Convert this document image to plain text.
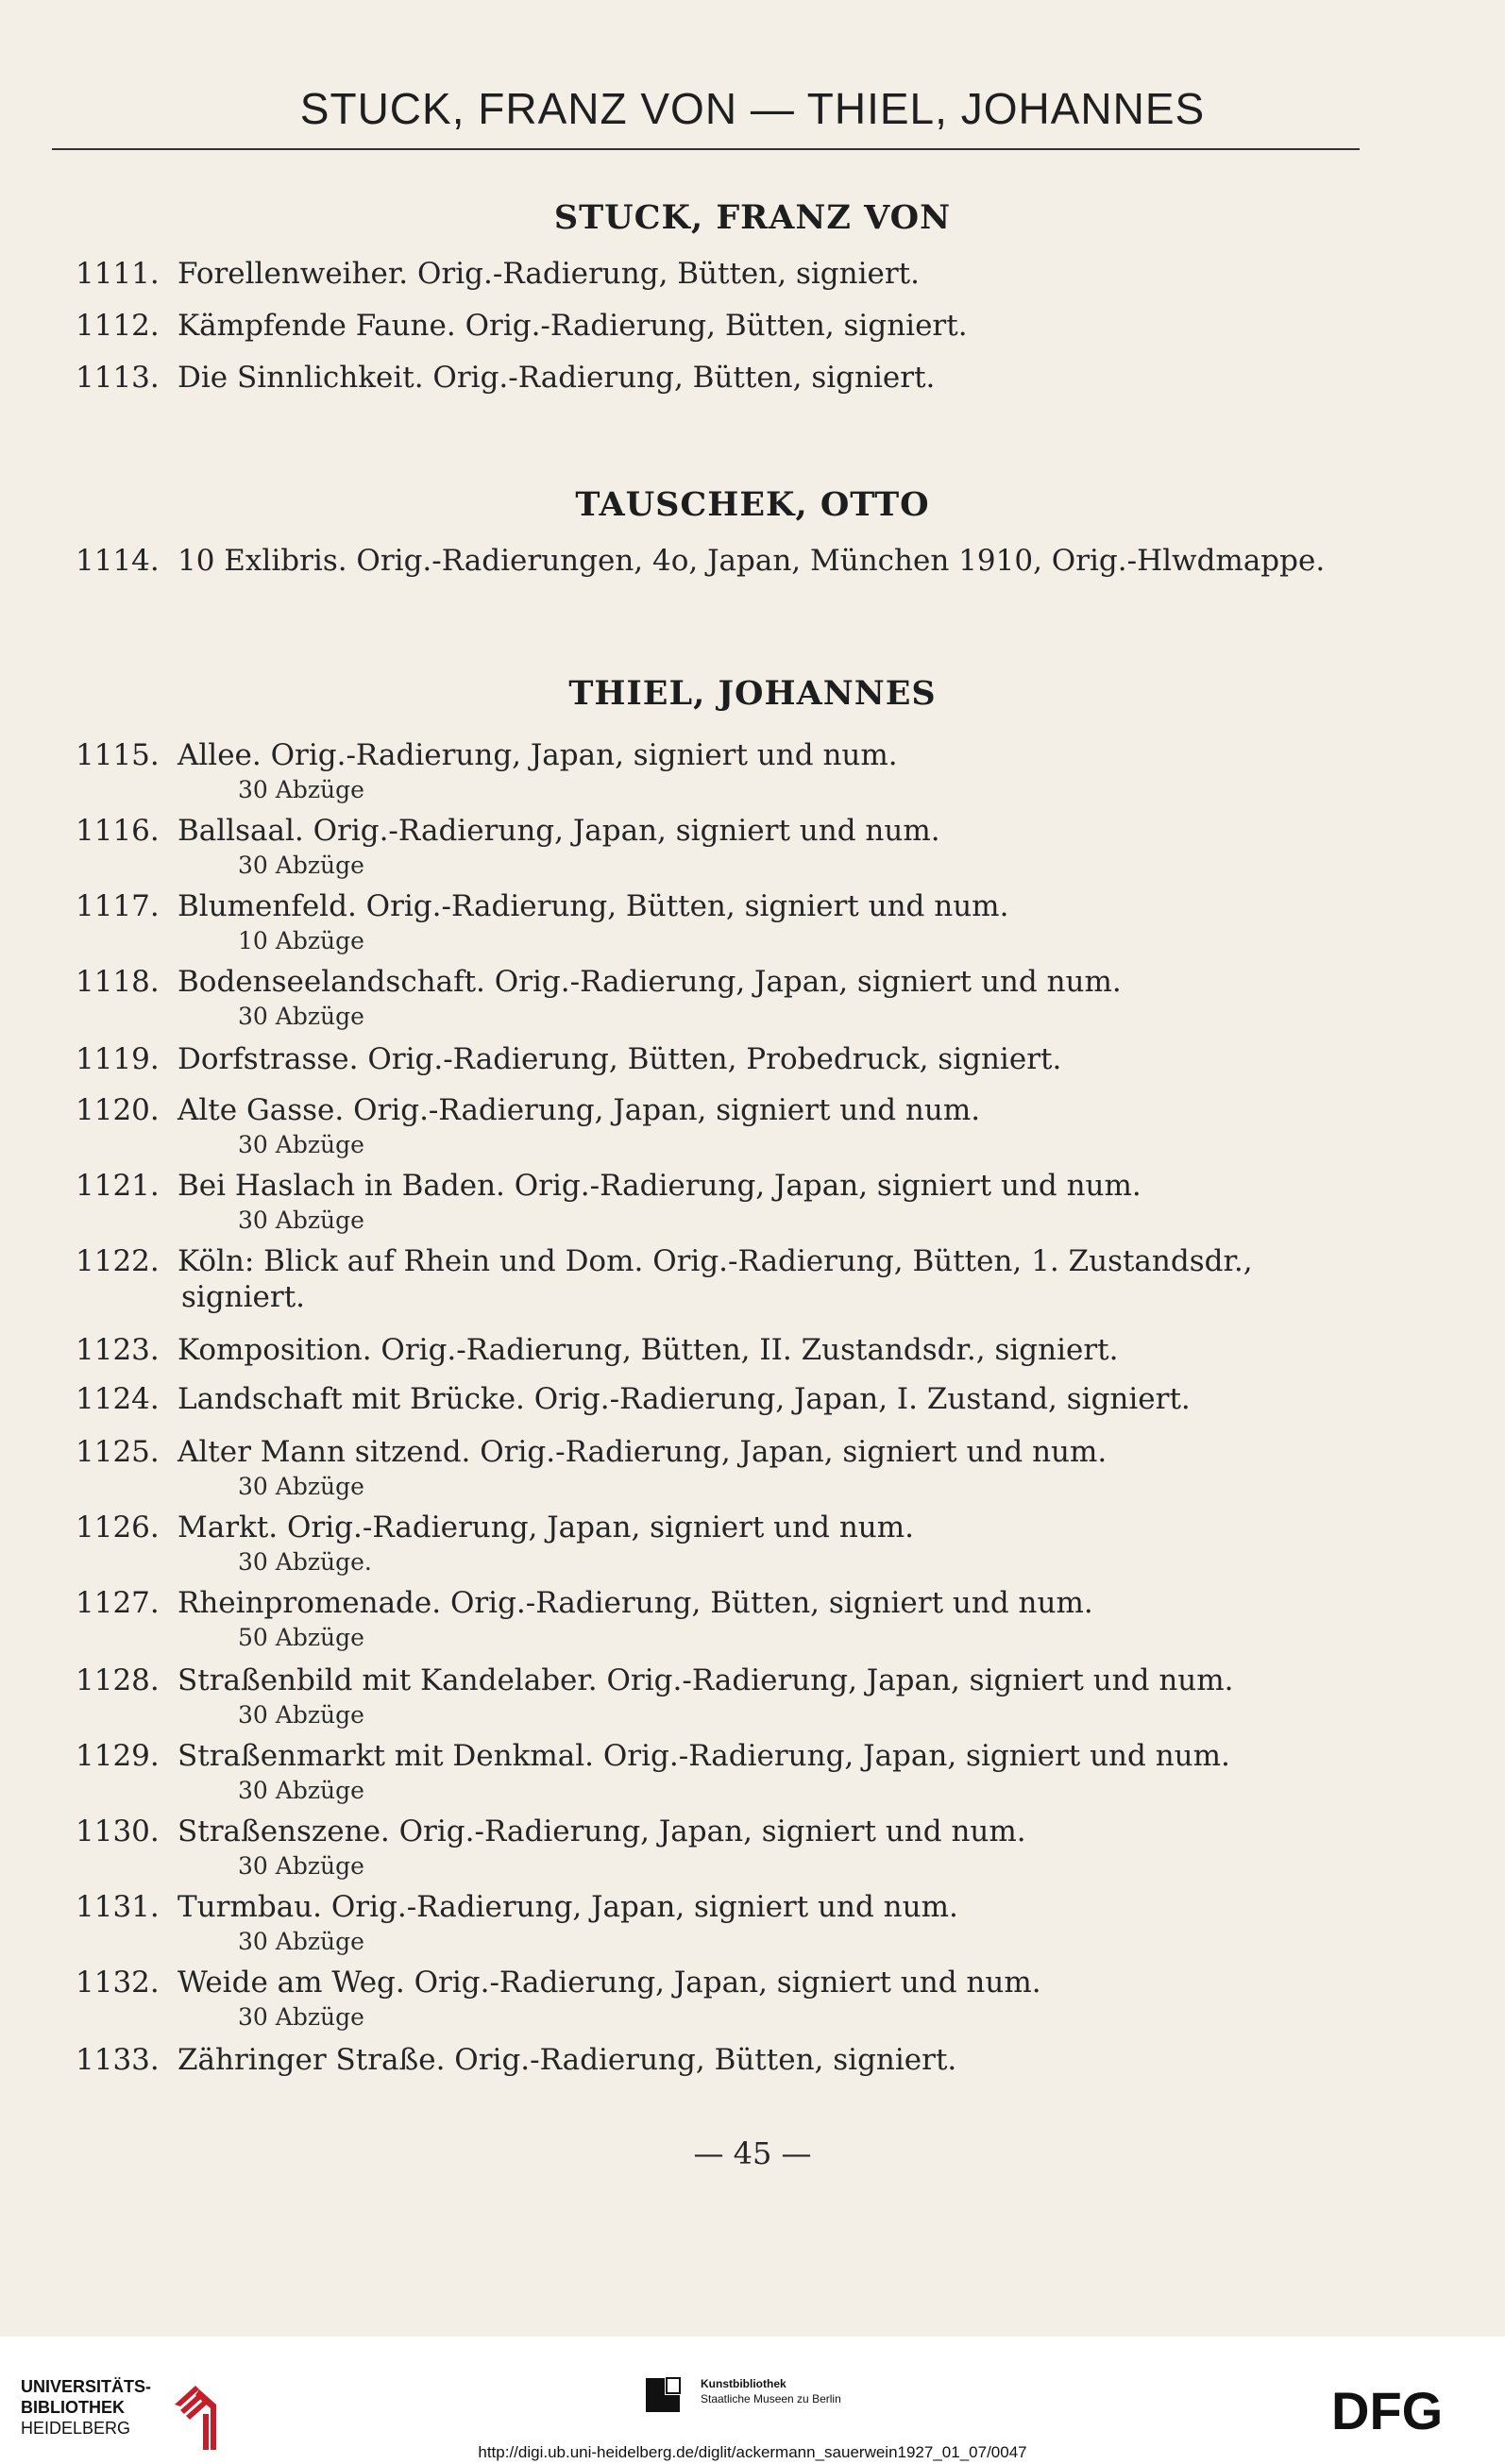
STUCK, FRANZ VON — THIEL, JOHANNES
STUCK, FRANZ VON
1111. Forellenweiher. Orig.-Radierung, Bütten, signiert.
1112. Kämpfende Faune. Orig.-Radierung, Bütten, signiert.
1113. Die Sinnlichkeit. Orig.-Radierung, Bütten, signiert.
TAUSCHEK, OTTO
1114. 10 Exlibris. Orig.-Radierungen, 4o, Japan, München 1910, Orig.-Hlwdmappe.
THIEL, JOHANNES
1115. Allee. Orig.-Radierung, Japan, signiert und num.
30 Abzüge
1116. Ballsaal. Orig.-Radierung, Japan, signiert und num.
30 Abzüge
1117. Blumenfeld. Orig.-Radierung, Bütten, signiert und num.
10 Abzüge
1118. Bodenseelandschaft. Orig.-Radierung, Japan, signiert und num.
30 Abzüge
1119. Dorfstrasse. Orig.-Radierung, Bütten, Probedruck, signiert.
1120. Alte Gasse. Orig.-Radierung, Japan, signiert und num.
30 Abzüge
1121. Bei Haslach in Baden. Orig.-Radierung, Japan, signiert und num.
30 Abzüge
1122. Köln: Blick auf Rhein und Dom. Orig.-Radierung, Bütten, 1. Zustandsdr.,
signiert.
1123. Komposition. Orig.-Radierung, Bütten, II. Zustandsdr., signiert.
1124. Landschaft mit Brücke. Orig.-Radierung, Japan, I. Zustand, signiert.
1125. Alter Mann sitzend. Orig.-Radierung, Japan, signiert und num.
30 Abzüge
1126. Markt. Orig.-Radierung, Japan, signiert und num.
30 Abzüge.
1127. Rheinpromenade. Orig.-Radierung, Bütten, signiert und num.
50 Abzüge
1128. Straßenbild mit Kandelaber. Orig.-Radierung, Japan, signiert und num.
30 Abzüge
1129. Straßenmarkt mit Denkmal. Orig.-Radierung, Japan, signiert und num.
30 Abzüge
1130. Straßenszene. Orig.-Radierung, Japan, signiert und num.
30 Abzüge
1131. Turmbau. Orig.-Radierung, Japan, signiert und num.
30 Abzüge
1132. Weide am Weg. Orig.-Radierung, Japan, signiert und num.
30 Abzüge
1133. Zähringer Straße. Orig.-Radierung, Bütten, signiert.
— 45 —
UNIVERSITÄTS-
BIBLIOTHEK
HEIDELBERG
Kunstbibliothek
Staatliche Museen zu Berlin	DFG
http://digi.ub.uni-heidelberg.de/diglit/ackermann_sauerwein1927_01_07/0047
